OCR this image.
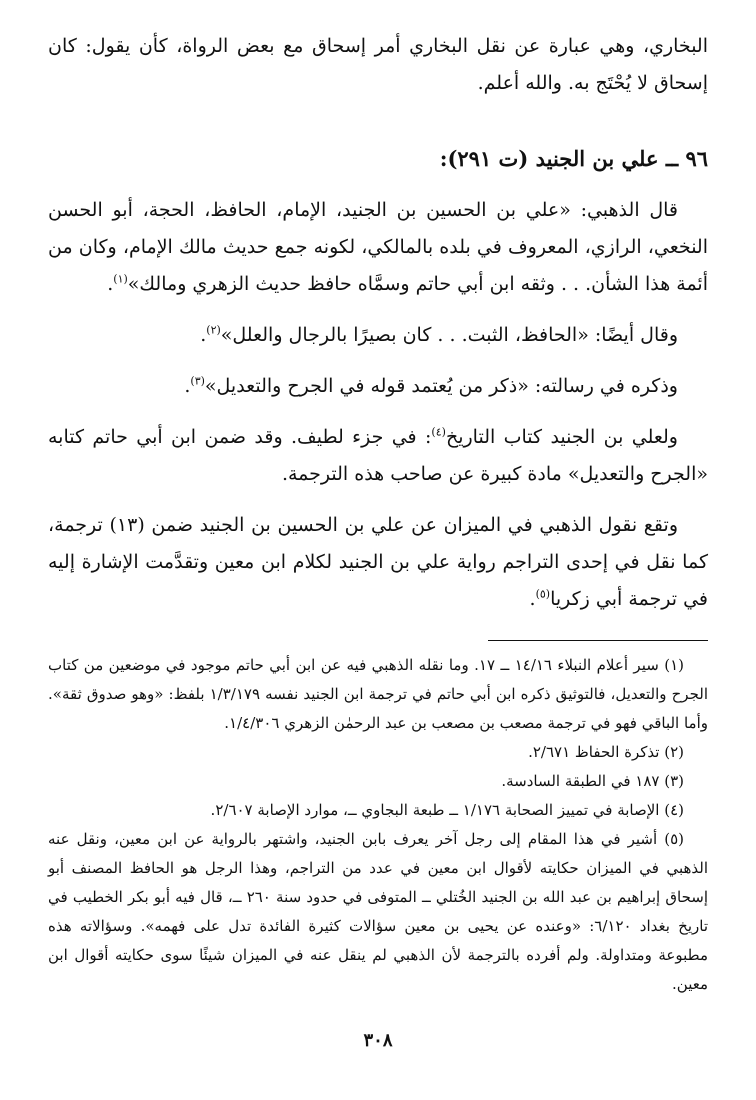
البخاري، وهي عبارة عن نقل البخاري أمر إسحاق مع بعض الرواة، كأن يقول: كان إسحاق لا يُحْتَج به. والله أعلم.

٩٦ ــ علي بن الجنيد (ت ٢٩١):

قال الذهبي: «علي بن الحسين بن الجنيد، الإمام، الحافظ، الحجة، أبو الحسن النخعي، الرازي، المعروف في بلده بالمالكي، لكونه جمع حديث مالك الإمام، وكان من أئمة هذا الشأن. . . وثقه ابن أبي حاتم وسمَّاه حافظ حديث الزهري ومالك»$^{(١)}$.

وقال أيضًا: «الحافظ، الثبت. . . كان بصيرًا بالرجال والعلل»$^{(٢)}$.

وذكره في رسالته: «ذكر من يُعتمد قوله في الجرح والتعديل»$^{(٣)}$.

ولعلي بن الجنيد كتاب التاريخ$^{(٤)}$: في جزء لطيف. وقد ضمن ابن أبي حاتم كتابه «الجرح والتعديل» مادة كبيرة عن صاحب هذه الترجمة.

وتقع نقول الذهبي في الميزان عن علي بن الحسين بن الجنيد ضمن (١٣) ترجمة، كما نقل في إحدى التراجم رواية علي بن الجنيد لكلام ابن معين وتقدَّمت الإشارة إليه في ترجمة أبي زكريا$^{(٥)}$.

(١) سير أعلام النبلاء ١٤/١٦ ــ ١٧. وما نقله الذهبي فيه عن ابن أبي حاتم موجود في موضعين من كتاب الجرح والتعديل، فالتوثيق ذكره ابن أبي حاتم في ترجمة ابن الجنيد نفسه ١/٣/١٧٩ بلفظ: «وهو صدوق ثقة». وأما الباقي فهو في ترجمة مصعب بن مصعب بن عبد الرحمٰن الزهري ١/٤/٣٠٦.

(٢) تذكرة الحفاظ ٢/٦٧١.

(٣) ١٨٧ في الطبقة السادسة.

(٤) الإصابة في تمييز الصحابة ١/١٧٦ ــ طبعة البجاوي ــ، موارد الإصابة ٢/٦٠٧.

(٥) أشير في هذا المقام إلى رجل آخر يعرف بابن الجنيد، واشتهر بالرواية عن ابن معين، ونقل عنه الذهبي في الميزان حكايته لأقوال ابن معين في عدد من التراجم، وهذا الرجل هو الحافظ المصنف أبو إسحاق إبراهيم بن عبد الله بن الجنيد الخُتلي ــ المتوفى في حدود سنة ٢٦٠ ــ، قال فيه أبو بكر الخطيب في تاريخ بغداد ٦/١٢٠: «وعنده عن يحيى بن معين سؤالات كثيرة الفائدة تدل على فهمه». وسؤالاته هذه مطبوعة ومتداولة. ولم أفرده بالترجمة لأن الذهبي لم ينقل عنه في الميزان شيئًا سوى حكايته أقوال ابن معين.

٣٠٨
